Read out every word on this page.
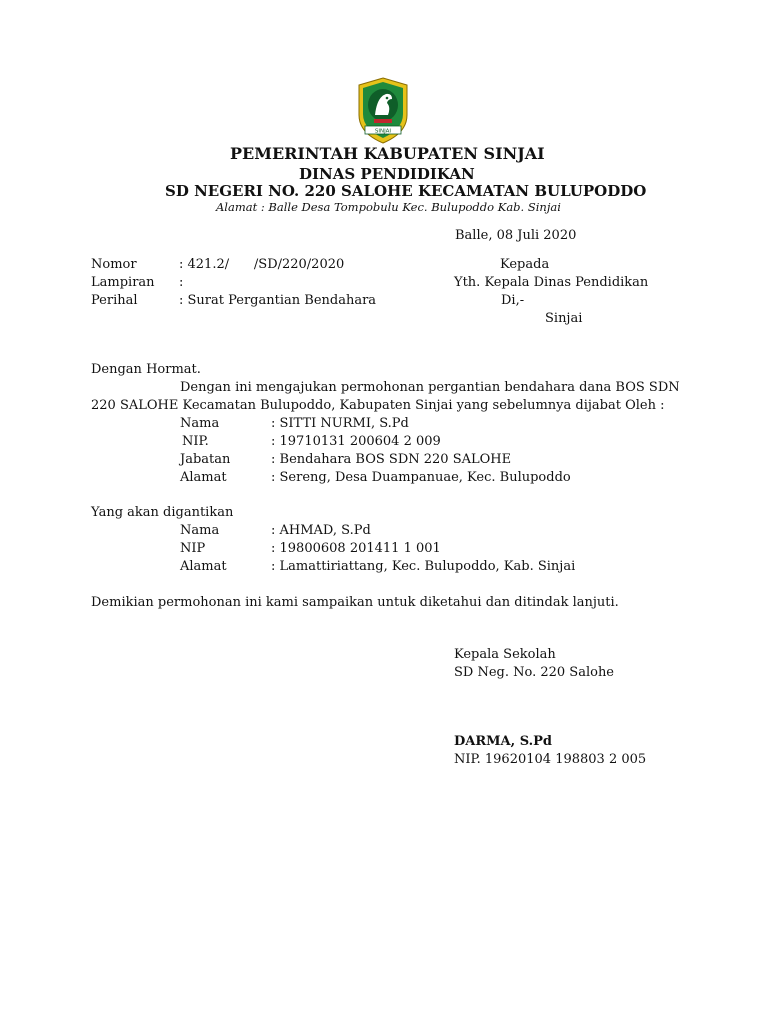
SINJAI
PEMERINTAH KABUPATEN SINJAI
DINAS PENDIDIKAN
SD NEGERI NO. 220 SALOHE KECAMATAN BULUPODDO
Alamat : Balle Desa Tompobulu Kec. Bulupoddo Kab. Sinjai
Balle, 08 Juli 2020
Nomor	: 421.2/      /SD/220/2020
Lampiran :
Perihal	: Surat Pergantian Bendahara
Kepada
Yth. Kepala Dinas Pendidikan
Di,-
Sinjai
Dengan Hormat.
Dengan ini mengajukan permohonan pergantian bendahara dana BOS SDN
220 SALOHE Kecamatan Bulupoddo, Kabupaten Sinjai yang sebelumnya dijabat Oleh :
Nama	: SITTI NURMI, S.Pd
NIP.	: 19710131 200604 2 009
Jabatan	: Bendahara BOS SDN 220 SALOHE
Alamat	: Sereng, Desa Duampanuae, Kec. Bulupoddo
Yang akan digantikan
Nama	: AHMAD, S.Pd
NIP	: 19800608 201411 1 001
Alamat	: Lamattiriattang, Kec. Bulupoddo, Kab. Sinjai
Demikian permohonan ini kami sampaikan untuk diketahui dan ditindak lanjuti.
Kepala Sekolah
SD Neg. No. 220 Salohe
DARMA, S.Pd
NIP. 19620104 198803 2 005
